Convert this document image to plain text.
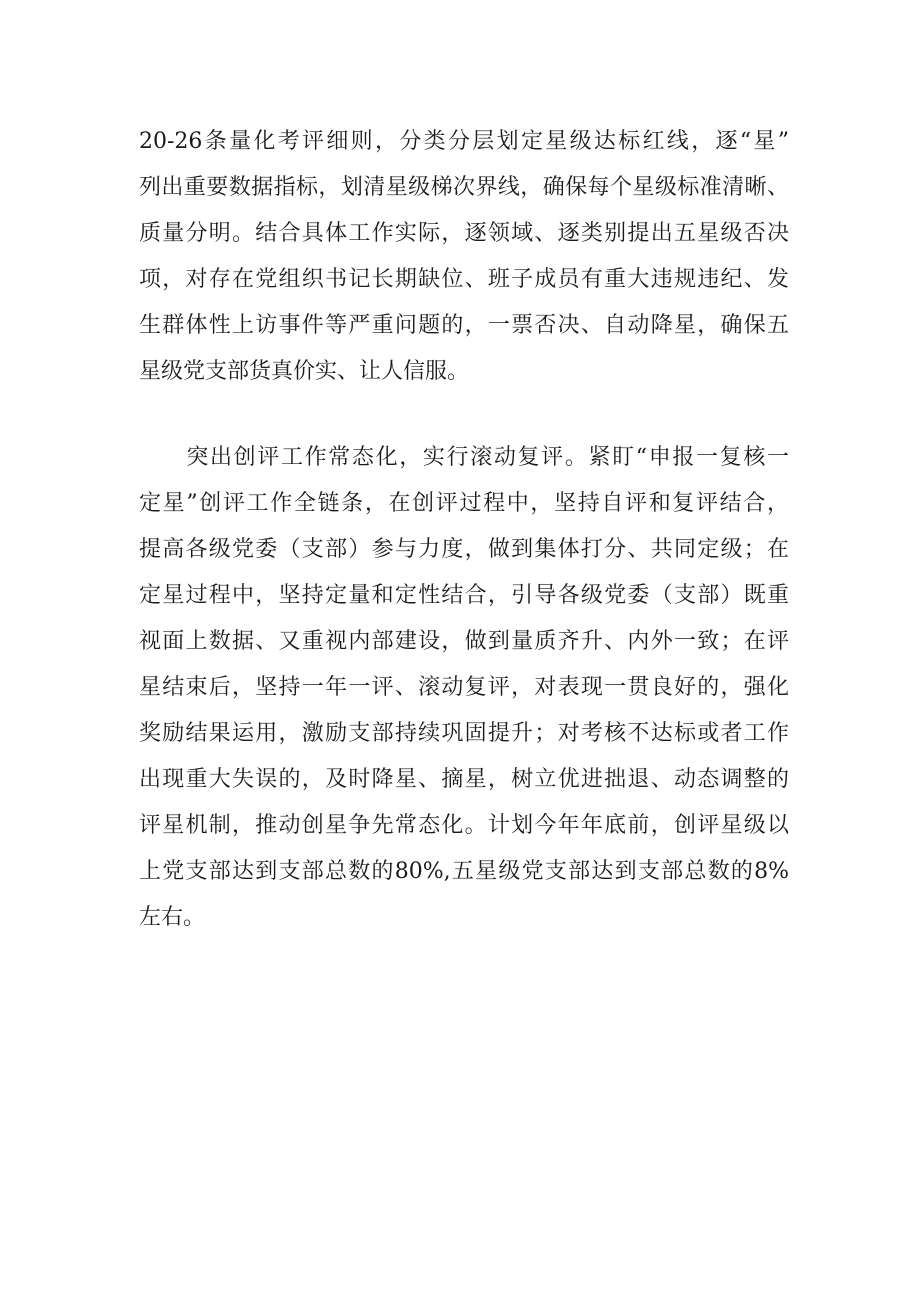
20-26条量化考评细则，分类分层划定星级达标红线，逐“星”
列出重要数据指标，划清星级梯次界线，确保每个星级标准清晰、
质量分明。结合具体工作实际，逐领域、逐类别提出五星级否决
项，对存在党组织书记长期缺位、班子成员有重大违规违纪、发
生群体性上访事件等严重问题的，一票否决、自动降星，确保五
星级党支部货真价实、让人信服。
　　突出创评工作常态化，实行滚动复评。紧盯“申报一复核一
定星”创评工作全链条，在创评过程中，坚持自评和复评结合，
提高各级党委（支部）参与力度，做到集体打分、共同定级；在
定星过程中，坚持定量和定性结合，引导各级党委（支部）既重
视面上数据、又重视内部建设，做到量质齐升、内外一致；在评
星结束后，坚持一年一评、滚动复评，对表现一贯良好的，强化
奖励结果运用，激励支部持续巩固提升；对考核不达标或者工作
出现重大失误的，及时降星、摘星，树立优进拙退、动态调整的
评星机制，推动创星争先常态化。计划今年年底前，创评星级以
上党支部达到支部总数的80%,五星级党支部达到支部总数的8%
左右。
